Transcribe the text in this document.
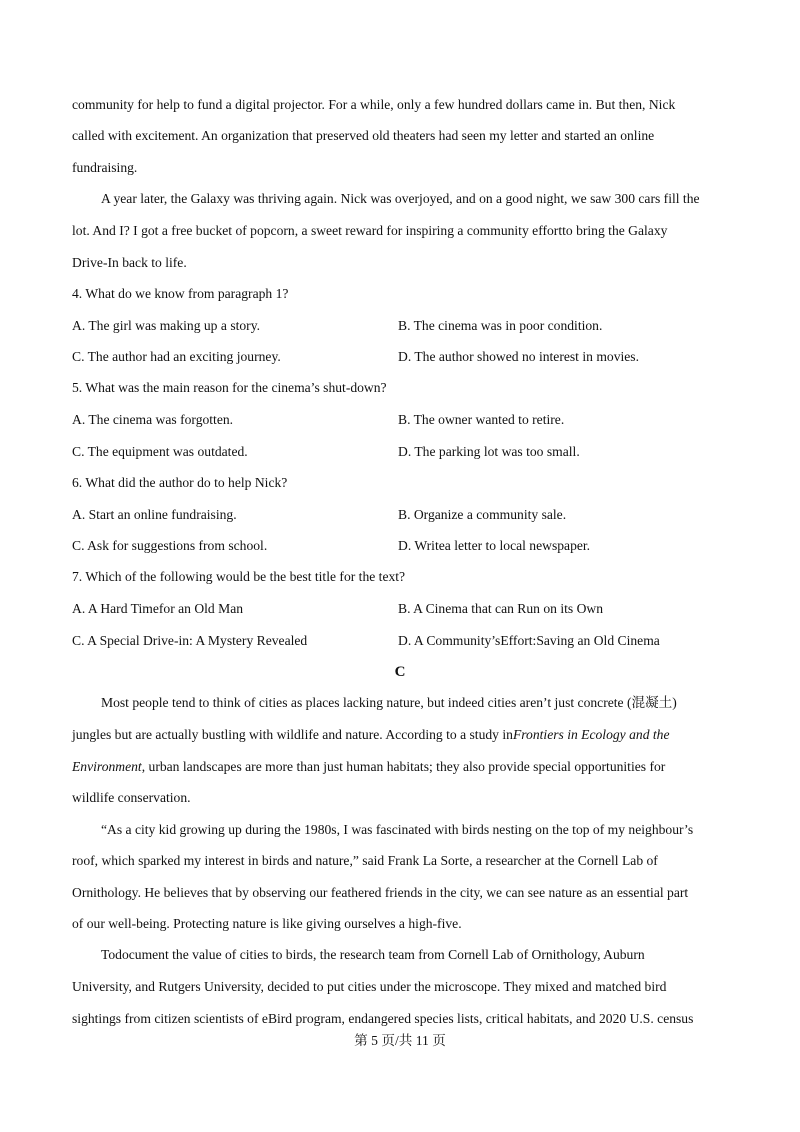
community for help to fund a digital projector. For a while, only a few hundred dollars came in. But then, Nick
called with excitement. An organization that preserved old theaters had seen my letter and started an online
fundraising.
A year later, the Galaxy was thriving again. Nick was overjoyed, and on a good night, we saw 300 cars fill the
lot. And I? I got a free bucket of popcorn, a sweet reward for inspiring a community effortto bring the Galaxy
Drive-In back to life.
4. What do we know from paragraph 1?
A. The girl was making up a story.	B. The cinema was in poor condition.
C. The author had an exciting journey.	D. The author showed no interest in movies.
5. What was the main reason for the cinema’s shut-down?
A. The cinema was forgotten.	B. The owner wanted to retire.
C. The equipment was outdated.	D. The parking lot was too small.
6. What did the author do to help Nick?
A. Start an online fundraising.	B. Organize a community sale.
C. Ask for suggestions from school.	D. Writea letter to local newspaper.
7. Which of the following would be the best title for the text?
A. A Hard Timefor an Old Man	B. A Cinema that can Run on its Own
C. A Special Drive-in: A Mystery Revealed	D. A Community’sEffort:Saving an Old Cinema
C
Most people tend to think of cities as places lacking nature, but indeed cities aren’t just concrete (混凝土)
jungles but are actually bustling with wildlife and nature. According to a study inFrontiers in Ecology and the
Environment, urban landscapes are more than just human habitats; they also provide special opportunities for
wildlife conservation.
“As a city kid growing up during the 1980s, I was fascinated with birds nesting on the top of my neighbour’s
roof, which sparked my interest in birds and nature,” said Frank La Sorte, a researcher at the Cornell Lab of
Ornithology. He believes that by observing our feathered friends in the city, we can see nature as an essential part
of our well-being. Protecting nature is like giving ourselves a high-five.
Todocument the value of cities to birds, the research team from Cornell Lab of Ornithology, Auburn
University, and Rutgers University, decided to put cities under the microscope. They mixed and matched bird
sightings from citizen scientists of eBird program, endangered species lists, critical habitats, and 2020 U.S. census
第 5 页/共 11 页
